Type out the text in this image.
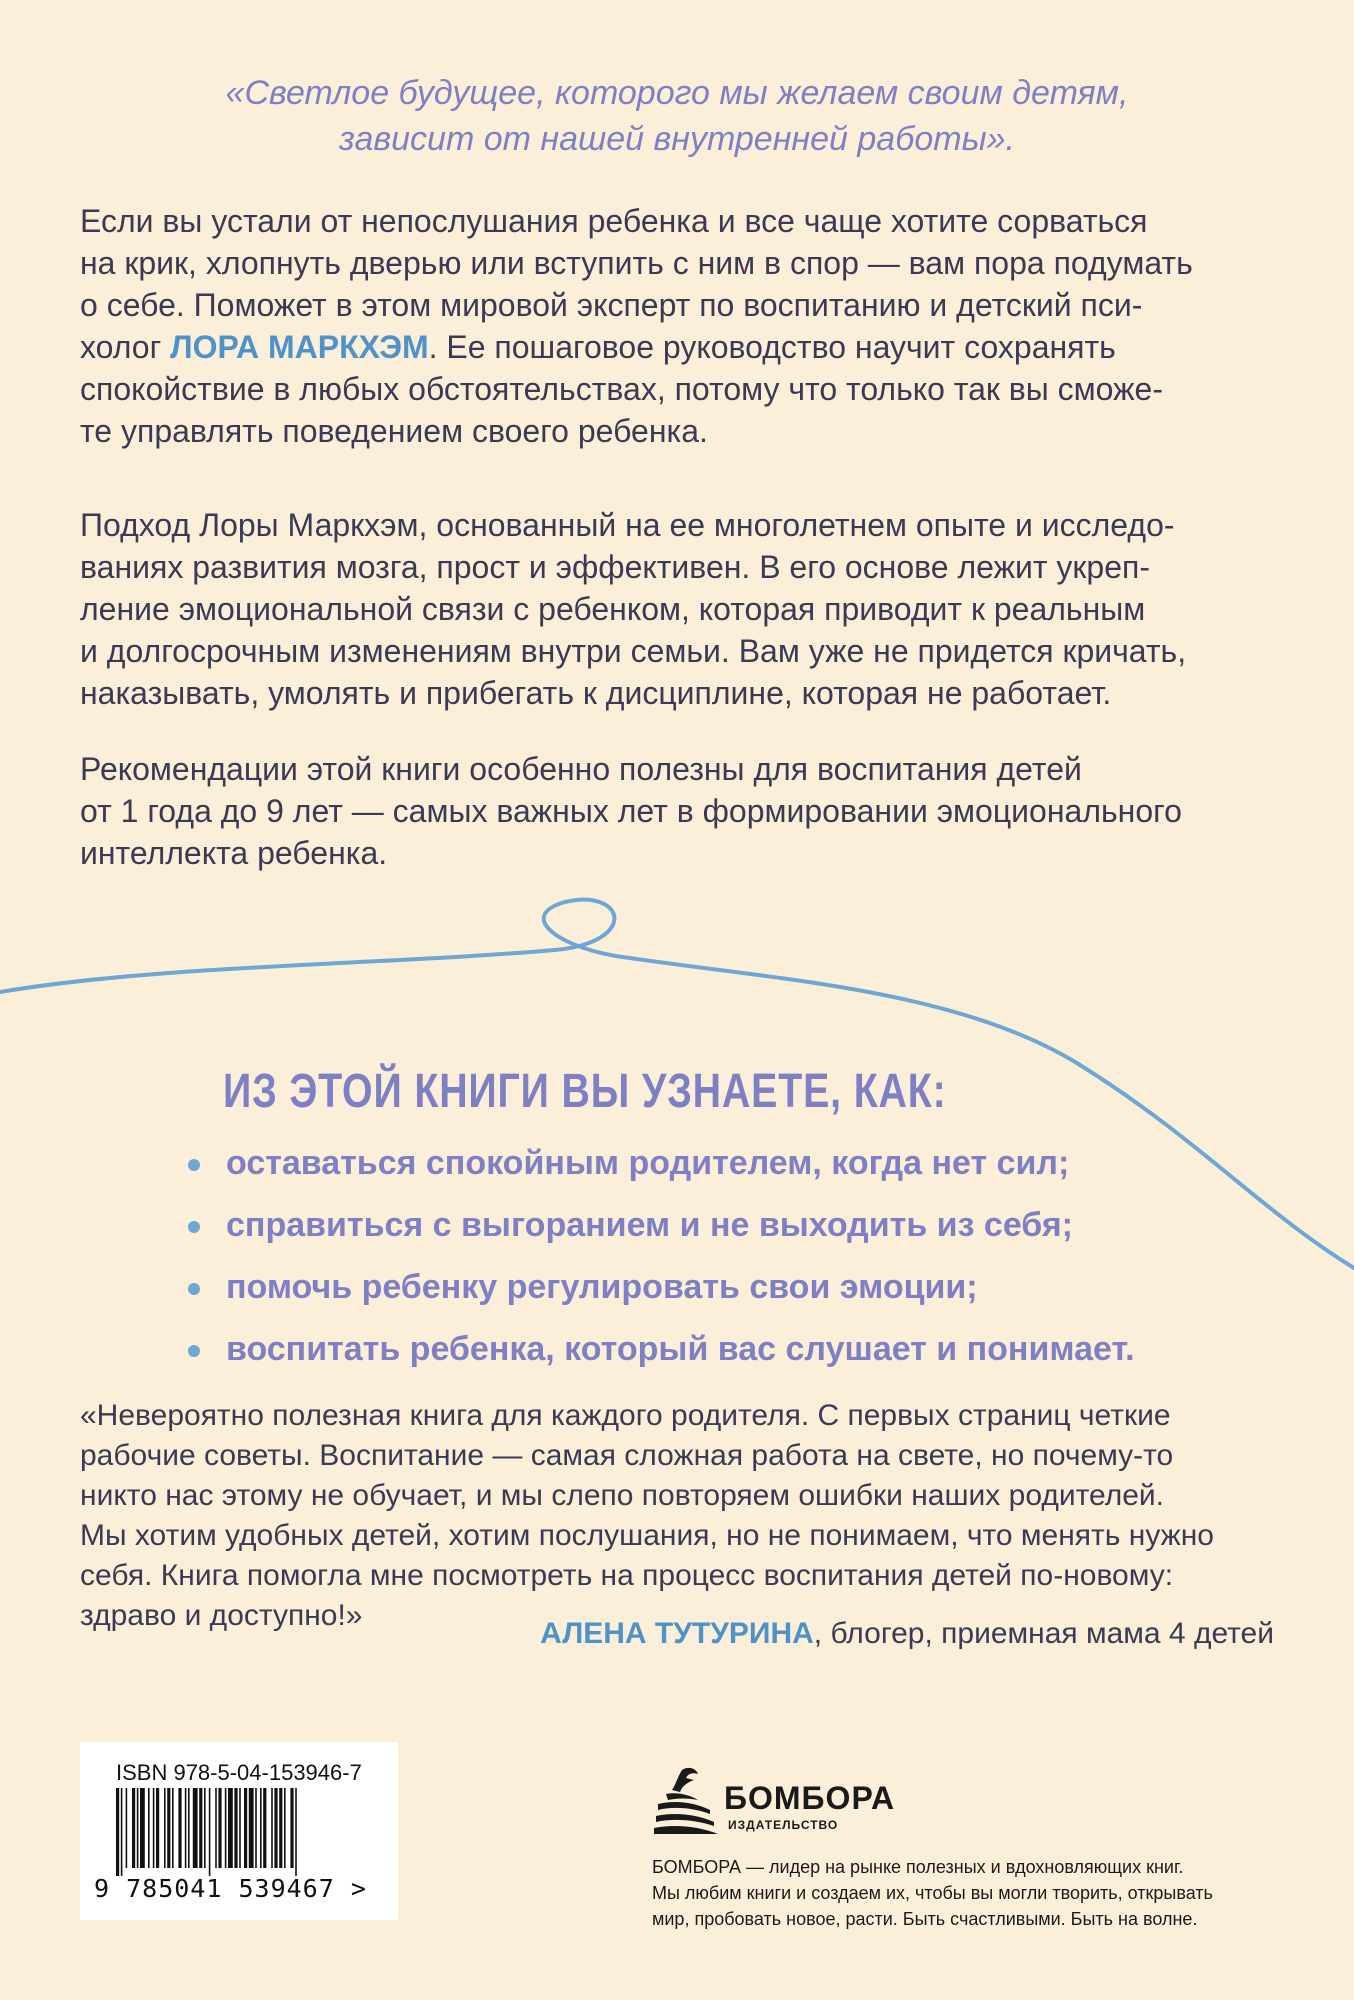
«Светлое будущее, которого мы желаем своим детям,
зависит от нашей внутренней работы».
Если вы устали от непослушания ребенка и все чаще хотите сорваться
на крик, хлопнуть дверью или вступить с ним в спор — вам пора подумать
о себе. Поможет в этом мировой эксперт по воспитанию и детский пси-
холог ЛОРА МАРКХЭМ. Ее пошаговое руководство научит сохранять
спокойствие в любых обстоятельствах, потому что только так вы сможе-
те управлять поведением своего ребенка.
Подход Лоры Маркхэм, основанный на ее многолетнем опыте и исследо-
ваниях развития мозга, прост и эффективен. В его основе лежит укреп-
ление эмоциональной связи с ребенком, которая приводит к реальным
и долгосрочным изменениям внутри семьи. Вам уже не придется кричать,
наказывать, умолять и прибегать к дисциплине, которая не работает.
Рекомендации этой книги особенно полезны для воспитания детей
от 1 года до 9 лет — самых важных лет в формировании эмоционального
интеллекта ребенка.
ИЗ ЭТОЙ КНИГИ ВЫ УЗНАЕТЕ, КАК:
оставаться спокойным родителем, когда нет сил;
справиться с выгоранием и не выходить из себя;
помочь ребенку регулировать свои эмоции;
воспитать ребенка, который вас слушает и понимает.
«Невероятно полезная книга для каждого родителя. С первых страниц четкие
рабочие советы. Воспитание — самая сложная работа на свете, но почему-то
никто нас этому не обучает, и мы слепо повторяем ошибки наших родителей.
Мы хотим удобных детей, хотим послушания, но не понимаем, что менять нужно
себя. Книга помогла мне посмотреть на процесс воспитания детей по-новому:
здраво и доступно!»
АЛЕНА ТУТУРИНА, блогер, приемная мама 4 детей
ISBN 978-5-04-153946-7
9 785041 539467 >
БОМБОРА
ИЗДАТЕЛЬСТВО
БОМБОРА — лидер на рынке полезных и вдохновляющих книг.
Мы любим книги и создаем их, чтобы вы могли творить, открывать
мир, пробовать новое, расти. Быть счастливыми. Быть на волне.
